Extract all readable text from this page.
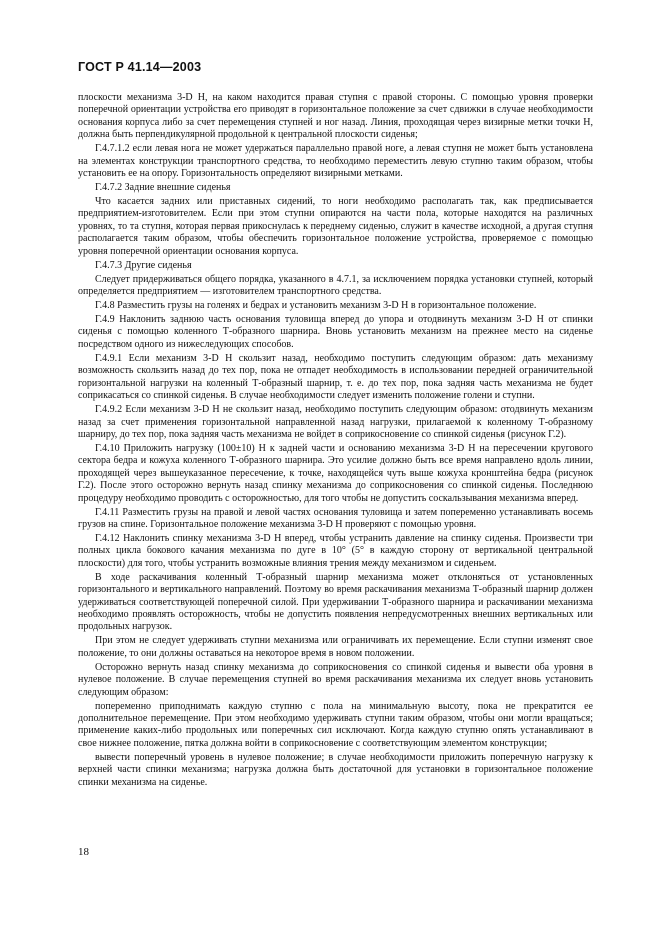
ГОСТ Р 41.14—2003

плоскости механизма 3-D H, на каком находится правая ступня с правой стороны. С помощью уровня проверки поперечной ориентации устройства его приводят в горизонтальное положение за счет сдвижки в случае необходимости основания корпуса либо за счет перемещения ступней и ног назад. Линия, проходящая через визирные метки точки H, должна быть перпендикулярной продольной к центральной плоскости сиденья;

Г.4.7.1.2 если левая нога не может удержаться параллельно правой ноге, а левая ступня не может быть установлена на элементах конструкции транспортного средства, то необходимо переместить левую ступню таким образом, чтобы установить ее на опору. Горизонтальность определяют визирными метками.

Г.4.7.2 Задние внешние сиденья

Что касается задних или приставных сидений, то ноги необходимо располагать так, как предписывается предприятием-изготовителем. Если при этом ступни опираются на части пола, которые находятся на различных уровнях, то та ступня, которая первая прикоснулась к переднему сиденью, служит в качестве исходной, а другая ступня располагается таким образом, чтобы обеспечить горизонтальное положение устройства, проверяемое с помощью уровня поперечной ориентации основания корпуса.

Г.4.7.3 Другие сиденья

Следует придерживаться общего порядка, указанного в 4.7.1, за исключением порядка установки ступней, который определяется предприятием — изготовителем транспортного средства.

Г.4.8 Разместить грузы на голенях и бедрах и установить механизм 3-D H в горизонтальное положение.

Г.4.9 Наклонить заднюю часть основания туловища вперед до упора и отодвинуть механизм 3-D H от спинки сиденья с помощью коленного Т-образного шарнира. Вновь установить механизм на прежнее место на сиденье посредством одного из нижеследующих способов.

Г.4.9.1 Если механизм 3-D H скользит назад, необходимо поступить следующим образом: дать механизму возможность скользить назад до тех пор, пока не отпадет необходимость в использовании передней ограничительной горизонтальной нагрузки на коленный Т-образный шарнир, т. е. до тех пор, пока задняя часть механизма не будет соприкасаться со спинкой сиденья. В случае необходимости следует изменить положение голени и ступни.

Г.4.9.2 Если механизм 3-D H не скользит назад, необходимо поступить следующим образом: отодвинуть механизм назад за счет применения горизонтальной направленной назад нагрузки, прилагаемой к коленному Т-образному шарниру, до тех пор, пока задняя часть механизма не войдет в соприкосновение со спинкой сиденья (рисунок Г.2).

Г.4.10 Приложить нагрузку (100±10) Н к задней части и основанию механизма 3-D H на пересечении кругового сектора бедра и кожуха коленного Т-образного шарнира. Это усилие должно быть все время направлено вдоль линии, проходящей через вышеуказанное пересечение, к точке, находящейся чуть выше кожуха кронштейна бедра (рисунок Г.2). После этого осторожно вернуть назад спинку механизма до соприкосновения со спинкой сиденья. Последнюю процедуру необходимо проводить с осторожностью, для того чтобы не допустить соскальзывания механизма вперед.

Г.4.11 Разместить грузы на правой и левой частях основания туловища и затем попеременно устанавливать восемь грузов на спине. Горизонтальное положение механизма 3-D H проверяют с помощью уровня.

Г.4.12 Наклонить спинку механизма 3-D H вперед, чтобы устранить давление на спинку сиденья. Произвести три полных цикла бокового качания механизма по дуге в 10° (5° в каждую сторону от вертикальной центральной плоскости) для того, чтобы устранить возможные влияния трения между механизмом и сиденьем.

В ходе раскачивания коленный Т-образный шарнир механизма может отклоняться от установленных горизонтального и вертикального направлений. Поэтому во время раскачивания механизма Т-образный шарнир должен удерживаться соответствующей поперечной силой. При удерживании Т-образного шарнира и раскачивании механизма необходимо проявлять осторожность, чтобы не допустить появления непредусмотренных внешних вертикальных или продольных нагрузок.

При этом не следует удерживать ступни механизма или ограничивать их перемещение. Если ступни изменят свое положение, то они должны оставаться на некоторое время в новом положении.

Осторожно вернуть назад спинку механизма до соприкосновения со спинкой сиденья и вывести оба уровня в нулевое положение. В случае перемещения ступней во время раскачивания механизма их следует вновь установить следующим образом:

попеременно приподнимать каждую ступню с пола на минимальную высоту, пока не прекратится ее дополнительное перемещение. При этом необходимо удерживать ступни таким образом, чтобы они могли вращаться; применение каких-либо продольных или поперечных сил исключают. Когда каждую ступню опять устанавливают в свое нижнее положение, пятка должна войти в соприкосновение с соответствующим элементом конструкции;

вывести поперечный уровень в нулевое положение; в случае необходимости приложить поперечную нагрузку к верхней части спинки механизма; нагрузка должна быть достаточной для установки в горизонтальное положение спинки механизма на сиденье.

18
